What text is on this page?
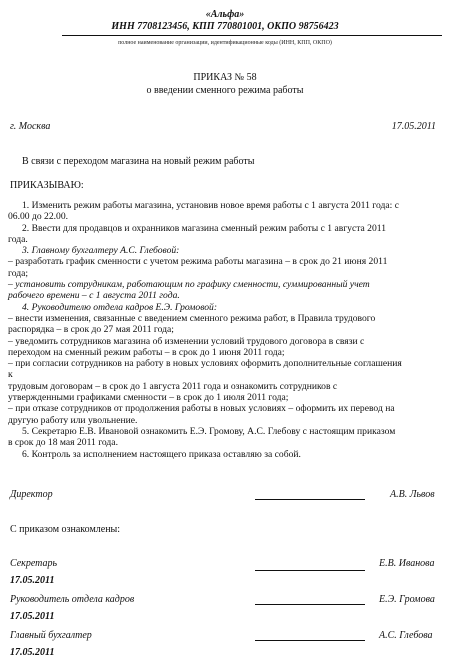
«Альфа»
ИНН 7708123456, КПП 770801001, ОКПО 98756423
полное наименование организации, идентификационные коды (ИНН, КПП, ОКПО)
ПРИКАЗ № 58
о введении сменного режима работы
г. Москва	17.05.2011
В связи с переходом магазина на новый режим работы
ПРИКАЗЫВАЮ:
1. Изменить режим работы магазина, установив новое время работы с 1 августа 2011 года: с
06.00 до 22.00.
2. Ввести для продавцов и охранников магазина сменный режим работы с 1 августа 2011
года.
3. Главному бухгалтеру А.С. Глебовой:
– разработать график сменности с учетом режима работы магазина – в срок до 21 июня 2011
года;
– установить сотрудникам, работающим по графику сменности, суммированный учет
рабочего времени – с 1 августа 2011 года.
4. Руководителю отдела кадров Е.Э. Громовой:
– внести изменения, связанные с введением сменного режима работ, в Правила трудового
распорядка – в срок до 27 мая 2011 года;
– уведомить сотрудников магазина об изменении условий трудового договора в связи с
переходом на сменный режим работы – в срок до 1 июня 2011 года;
– при согласии сотрудников на работу в новых условиях оформить дополнительные соглашения
к
трудовым договорам – в срок до 1 августа 2011 года и ознакомить сотрудников с
утвержденными графиками сменности – в срок до 1 июля 2011 года;
– при отказе сотрудников от продолжения работы в новых условиях – оформить их перевод на
другую работу или увольнение.
5. Секретарю Е.В. Ивановой ознакомить Е.Э. Громову, А.С. Глебову с настоящим приказом
в срок до 18 мая 2011 года.
6. Контроль за исполнением настоящего приказа оставляю за собой.
Директор	А.В. Львов
С приказом ознакомлены:
Секретарь	Е.В. Иванова
17.05.2011
Руководитель отдела кадров	Е.Э. Громова
17.05.2011
Главный бухгалтер	А.С. Глебова
17.05.2011
